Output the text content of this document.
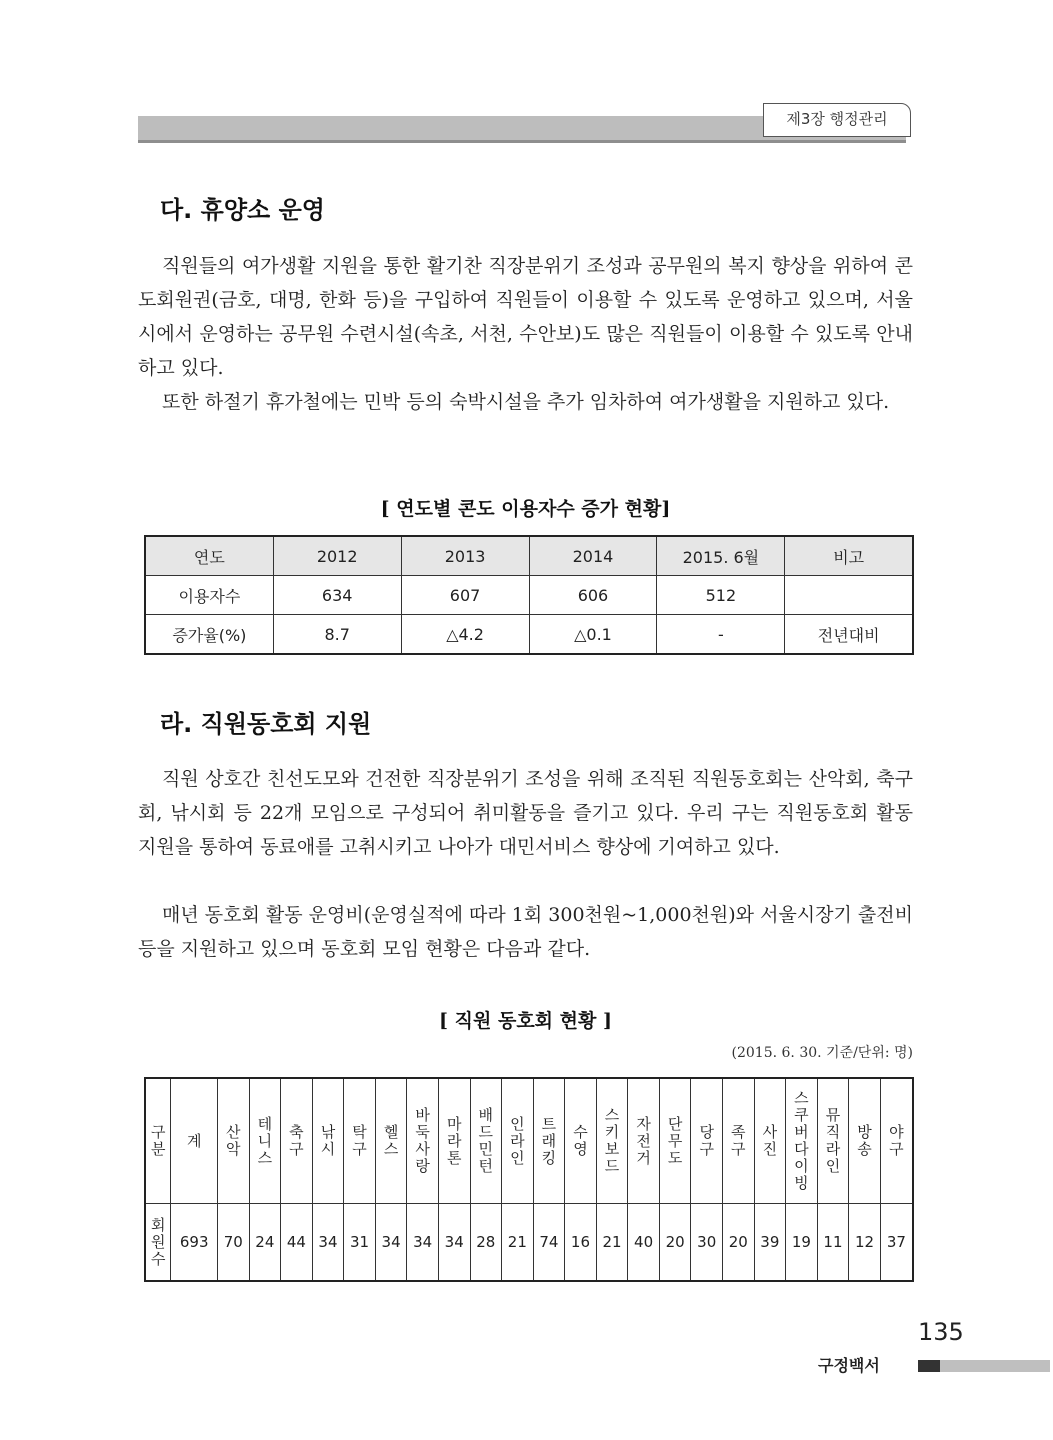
제3장 행정관리
다. 휴양소 운영

직원들의 여가생활 지원을 통한 활기찬 직장분위기 조성과 공무원의 복지 향상을 위하여 콘도회원권(금호, 대명, 한화 등)을 구입하여 직원들이 이용할 수 있도록 운영하고 있으며, 서울시에서 운영하는 공무원 수련시설(속초, 서천, 수안보)도 많은 직원들이 이용할 수 있도록 안내하고 있다.

또한 하절기 휴가철에는 민박 등의 숙박시설을 추가 임차하여 여가생활을 지원하고 있다.

[ 연도별 콘도 이용자수 증가 현황]

연도	2012	2013	2014	2015. 6월	비고
이용자수	634	607	606	512	
증가율(%)	8.7	△4.2	△0.1	-	전년대비
라. 직원동호회 지원

직원 상호간 친선도모와 건전한 직장분위기 조성을 위해 조직된 직원동호회는 산악회, 축구회, 낚시회 등 22개 모임으로 구성되어 취미활동을 즐기고 있다. 우리 구는 직원동호회 활동 지원을 통하여 동료애를 고취시키고 나아가 대민서비스 향상에 기여하고 있다.

매년 동호회 활동 운영비(운영실적에 따라 1회 300천원~1,000천원)와 서울시장기 출전비 등을 지원하고 있으며 동호회 모임 현황은 다음과 같다.

[ 직원 동호회 현황 ]

(2015. 6. 30. 기준/단위: 명)

구분	계	산악	테니스	축구	낚시	탁구	헬스	바둑사랑	마라톤	배드민턴	인라인	트래킹	수영	스키보드	자전거	단무도	당구	족구	사진	스쿠버다이빙	뮤직라인	방송	야구
회원수	693	70	24	44	34	31	34	34	34	28	21	74	16	21	40	20	30	20	39	19	11	12	37

135

구정백서
